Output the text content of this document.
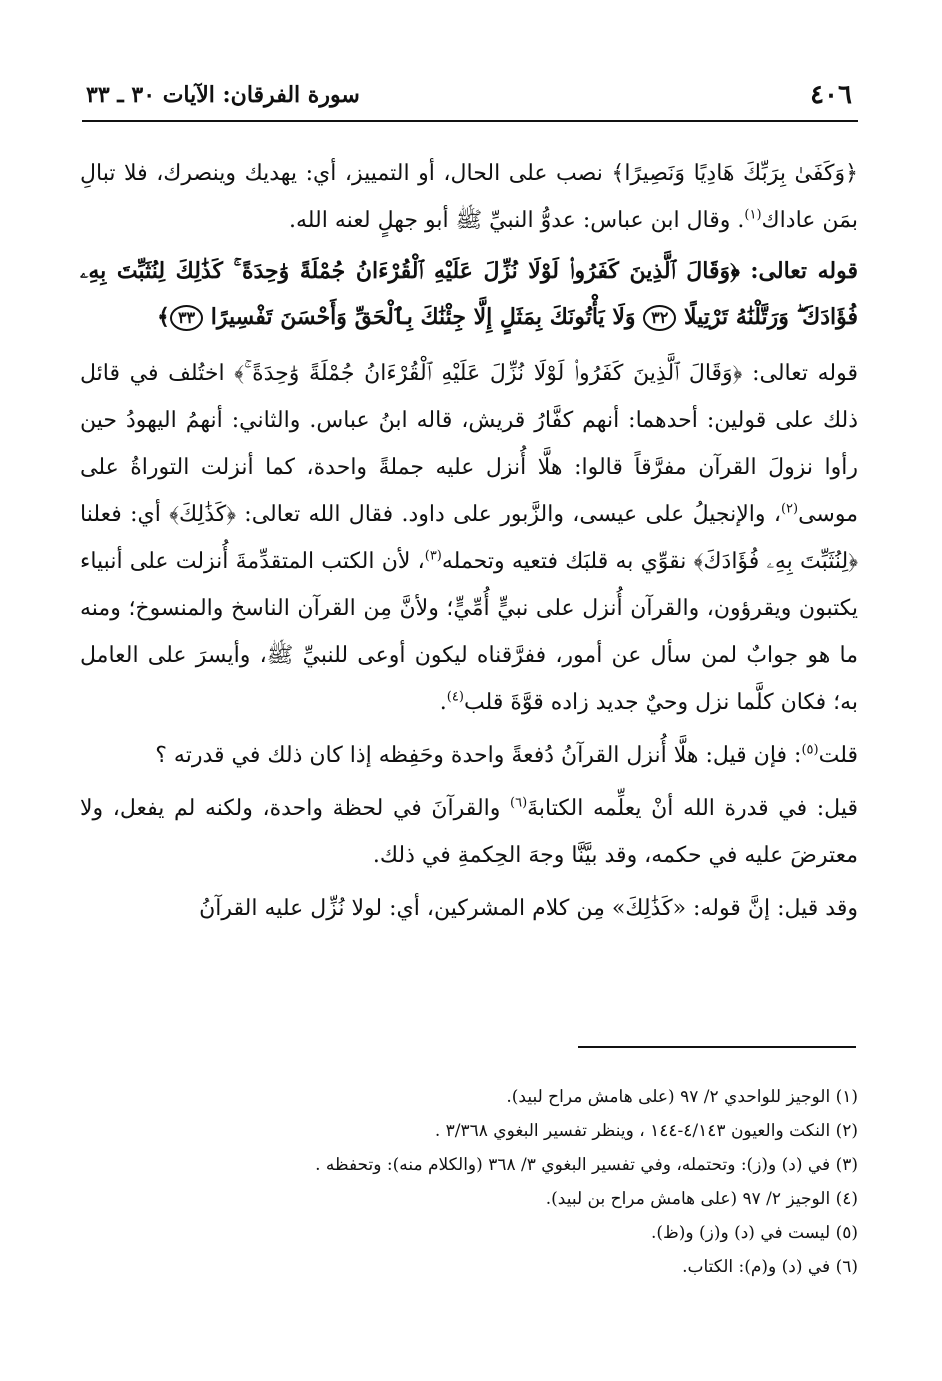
٤٠٦
سورة الفرقان: الآيات ٣٠ ـ ٣٣

﴿وَكَفَىٰ بِرَبِّكَ هَادِيًا وَنَصِيرًا﴾ نصب على الحال، أو التمييز، أي: يهديك وينصرك، فلا تبالِ بمَن عاداك$^{(١)}$. وقال ابن عباس: عدوُّ النبيِّ ﷺ أبو جهلٍ لعنه الله.

قوله تعالى: ﴿وَقَالَ ٱلَّذِينَ كَفَرُوا۟ لَوْلَا نُزِّلَ عَلَيْهِ ٱلْقُرْءَانُ جُمْلَةً وَٰحِدَةً ۚ كَذَٰلِكَ لِنُثَبِّتَ بِهِۦ فُؤَادَكَ ۖ وَرَتَّلْنَٰهُ تَرْتِيلًا ٣٢ وَلَا يَأْتُونَكَ بِمَثَلٍ إِلَّا جِئْنَٰكَ بِٱلْحَقِّ وَأَحْسَنَ تَفْسِيرًا ٣٣﴾

قوله تعالى: ﴿وَقَالَ ٱلَّذِينَ كَفَرُوا۟ لَوْلَا نُزِّلَ عَلَيْهِ ٱلْقُرْءَانُ جُمْلَةً وَٰحِدَةً ۚ﴾ اختُلف في قائل ذلك على قولين: أحدهما: أنهم كفَّارُ قريش، قاله ابنُ عباس. والثاني: أنهمُ اليهودُ حين رأوا نزولَ القرآن مفرَّقاً قالوا: هلَّا أُنزل عليه جملةً واحدة، كما أنزلت التوراةُ على موسى$^{(٢)}$، والإنجيلُ على عيسى، والزَّبور على داود. فقال الله تعالى: ﴿كَذَٰلِكَ﴾ أي: فعلنا ﴿لِنُثَبِّتَ بِهِۦ فُؤَادَكَ﴾ نقوِّي به قلبَك فتعيه وتحمله$^{(٣)}$، لأن الكتب المتقدِّمةَ أُنزلت على أنبياء يكتبون ويقرؤون، والقرآن أُنزل على نبيٍّ أُمِّيٍّ؛ ولأنَّ مِن القرآن الناسخ والمنسوخ؛ ومنه ما هو جوابٌ لمن سأل عن أمور، ففرَّقناه ليكون أوعى للنبيِّ ﷺ، وأيسرَ على العامل به؛ فكان كلَّما نزل وحيٌ جديد زاده قوَّةَ قلب$^{(٤)}$.

قلت$^{(٥)}$: فإن قيل: هلَّا أُنزل القرآنُ دُفعةً واحدة وحَفِظه إذا كان ذلك في قدرته ؟

قيل: في قدرة الله أنْ يعلِّمه الكتابةَ$^{(٦)}$ والقرآنَ في لحظة واحدة، ولكنه لم يفعل، ولا معترضَ عليه في حكمه، وقد بيَّنَّا وجهَ الحِكمةِ في ذلك.

وقد قيل: إنَّ قوله: «كَذَٰلِكَ» مِن كلام المشركين، أي: لولا نُزِّل عليه القرآنُ

(١) الوجيز للواحدي ٢/ ٩٧ (على هامش مراح لبيد).

(٢) النكت والعيون ٤/١٤٣-١٤٤ ، وينظر تفسير البغوي ٣/٣٦٨ .

(٣) في (د) و(ز): وتحتمله، وفي تفسير البغوي ٣/ ٣٦٨ (والكلام منه): وتحفظه .

(٤) الوجيز ٢/ ٩٧ (على هامش مراح بن لبيد).

(٥) ليست في (د) و(ز) و(ظ).

(٦) في (د) و(م): الكتاب.
